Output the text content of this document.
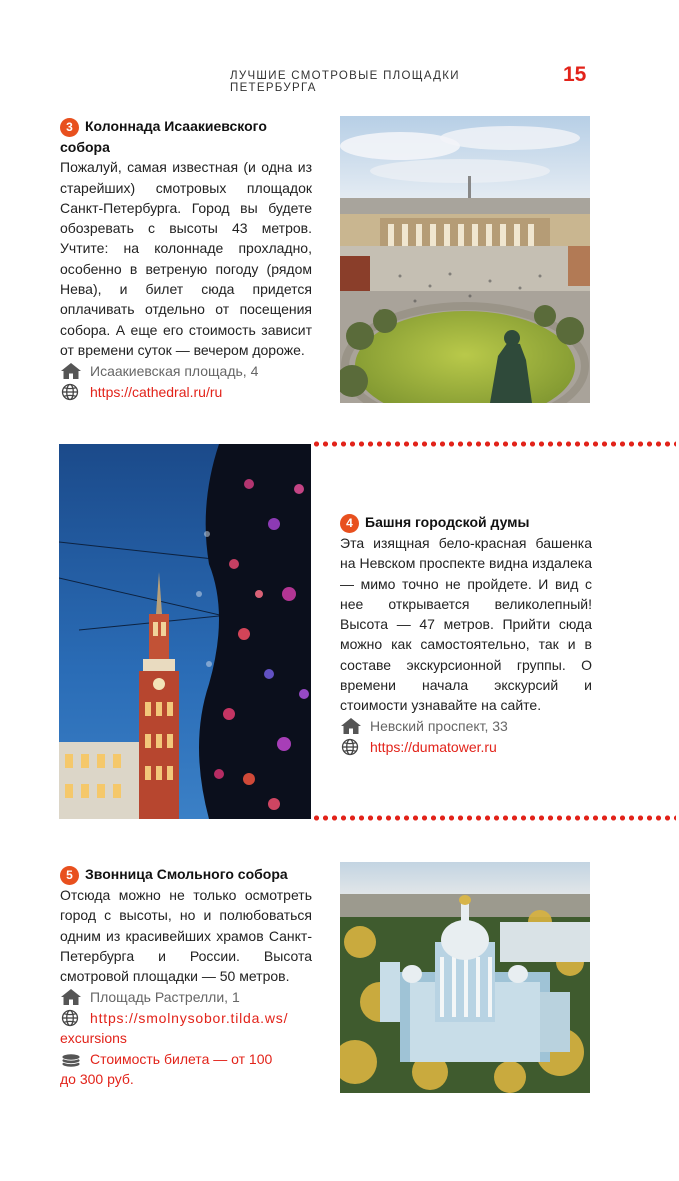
ЛУЧШИЕ СМОТРОВЫЕ ПЛОЩАДКИ ПЕТЕРБУРГА
15
3 Колоннада Исаакиевского
собора

Пожалуй, самая известная (и одна из старейших) смотровых площадок Санкт-Петербурга. Город вы будете обозревать с высоты 43 метров. Учтите: на колоннаде прохладно, особенно в ветреную погоду (рядом Нева), и билет сюда придется оплачивать отдельно от посещения собора. А еще его стоимость зависит от времени суток — вечером дороже.

Исаакиевская площадь, 4
https://cathedral.ru/ru
4 Башня городской думы

Эта изящная бело-красная башенка на Невском проспекте видна издалека — мимо точно не пройдете. И вид с нее открывается великолепный! Высота — 47 метров. Прийти сюда можно как самостоятельно, так и в составе экскурсионной группы. О времени начала экскурсий и стоимости узнавайте на сайте.

Невский проспект, 33
https://dumatower.ru
5 Звонница Смольного собора

Отсюда можно не только осмотреть город с высоты, но и полюбоваться одним из красивейших храмов Санкт-Петербурга и России. Высота смотровой площадки — 50 метров.

Площадь Растрелли, 1
https://smolnysobor.tilda.ws/
excursions
Стоимость билета — от 100
до 300 руб.
